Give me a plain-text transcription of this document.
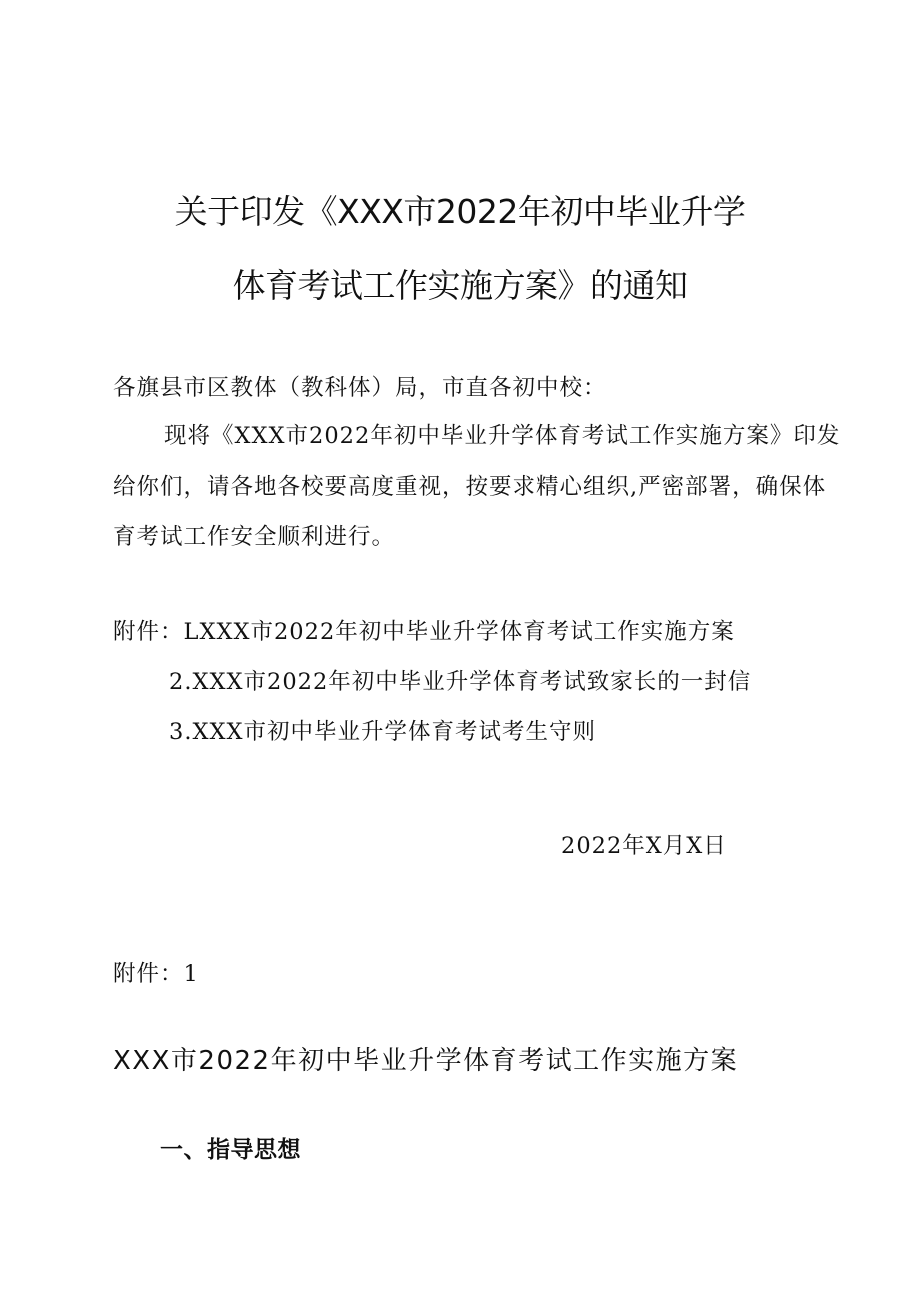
关于印发《XXX市2022年初中毕业升学
体育考试工作实施方案》的通知
各旗县市区教体（教科体）局，市直各初中校：
现将《XXX市2022年初中毕业升学体育考试工作实施方案》印发
给你们，请各地各校要高度重视，按要求精心组织,严密部署，确保体
育考试工作安全顺利进行。
附件：LXXX市2022年初中毕业升学体育考试工作实施方案
2.XXX市2022年初中毕业升学体育考试致家长的一封信
3.XXX市初中毕业升学体育考试考生守则
2022年X月X日
附件：1
XXX市2022年初中毕业升学体育考试工作实施方案
一、指导思想
